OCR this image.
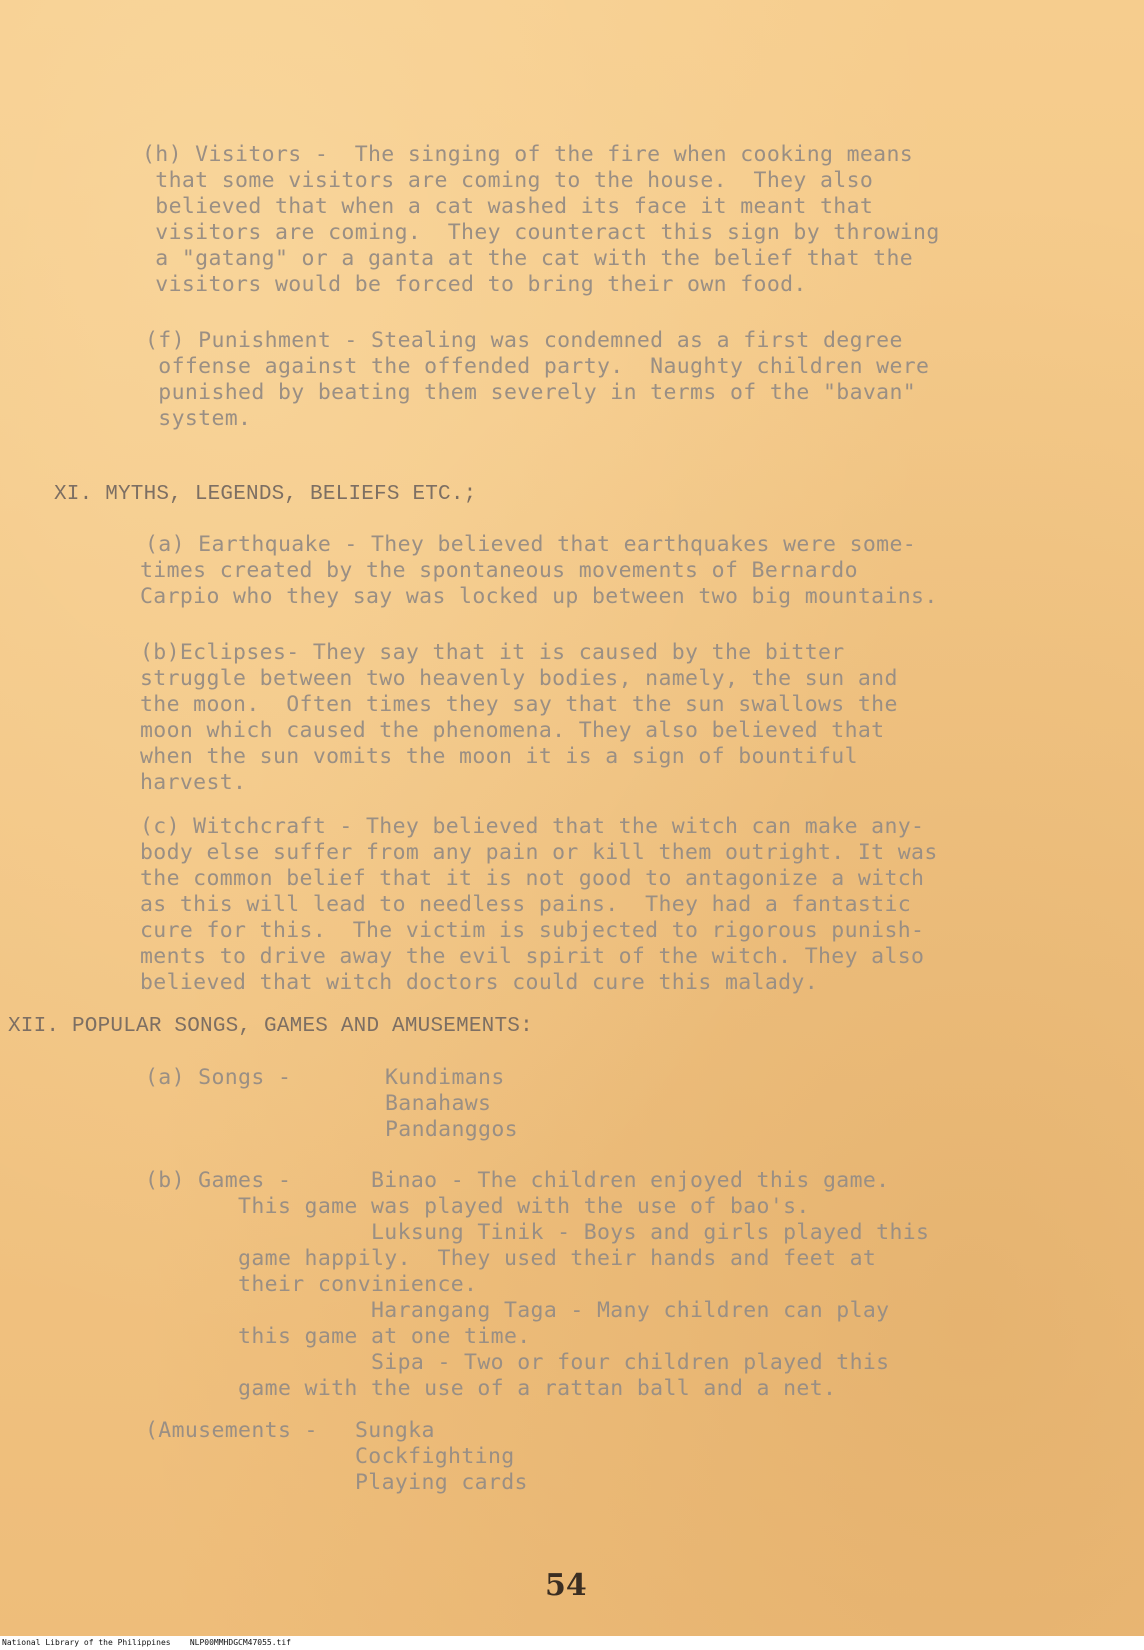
(h) Visitors -  The singing of the fire when cooking means
that some visitors are coming to the house.  They also
believed that when a cat washed its face it meant that
visitors are coming.  They counteract this sign by throwing
a "gatang" or a ganta at the cat with the belief that the
visitors would be forced to bring their own food.
(f) Punishment - Stealing was condemned as a first degree
offense against the offended party.  Naughty children were
punished by beating them severely in terms of the "bavan"
system.
XI. MYTHS, LEGENDS, BELIEFS ETC.;
(a) Earthquake - They believed that earthquakes were some-
times created by the spontaneous movements of Bernardo
Carpio who they say was locked up between two big mountains.
(b)Eclipses- They say that it is caused by the bitter
struggle between two heavenly bodies, namely, the sun and
the moon.  Often times they say that the sun swallows the
moon which caused the phenomena. They also believed that
when the sun vomits the moon it is a sign of bountiful
harvest.
(c) Witchcraft - They believed that the witch can make any-
body else suffer from any pain or kill them outright. It was
the common belief that it is not good to antagonize a witch
as this will lead to needless pains.  They had a fantastic
cure for this.  The victim is subjected to rigorous punish-
ments to drive away the evil spirit of the witch. They also
believed that witch doctors could cure this malady.
XII. POPULAR SONGS, GAMES AND AMUSEMENTS:
(a) Songs -	Kundimans
Banahaws
Pandanggos
(b) Games -      Binao - The children enjoyed this game.
This game was played with the use of bao's.
Luksung Tinik - Boys and girls played this
game happily.  They used their hands and feet at
their convinience.
Harangang Taga - Many children can play
this game at one time.
Sipa - Two or four children played this
game with the use of a rattan ball and a net.
(Amusements - Sungka
Cockfighting
Playing cards
54
National Library of the Philippines    NLP00MMHDGCM47055.tif
